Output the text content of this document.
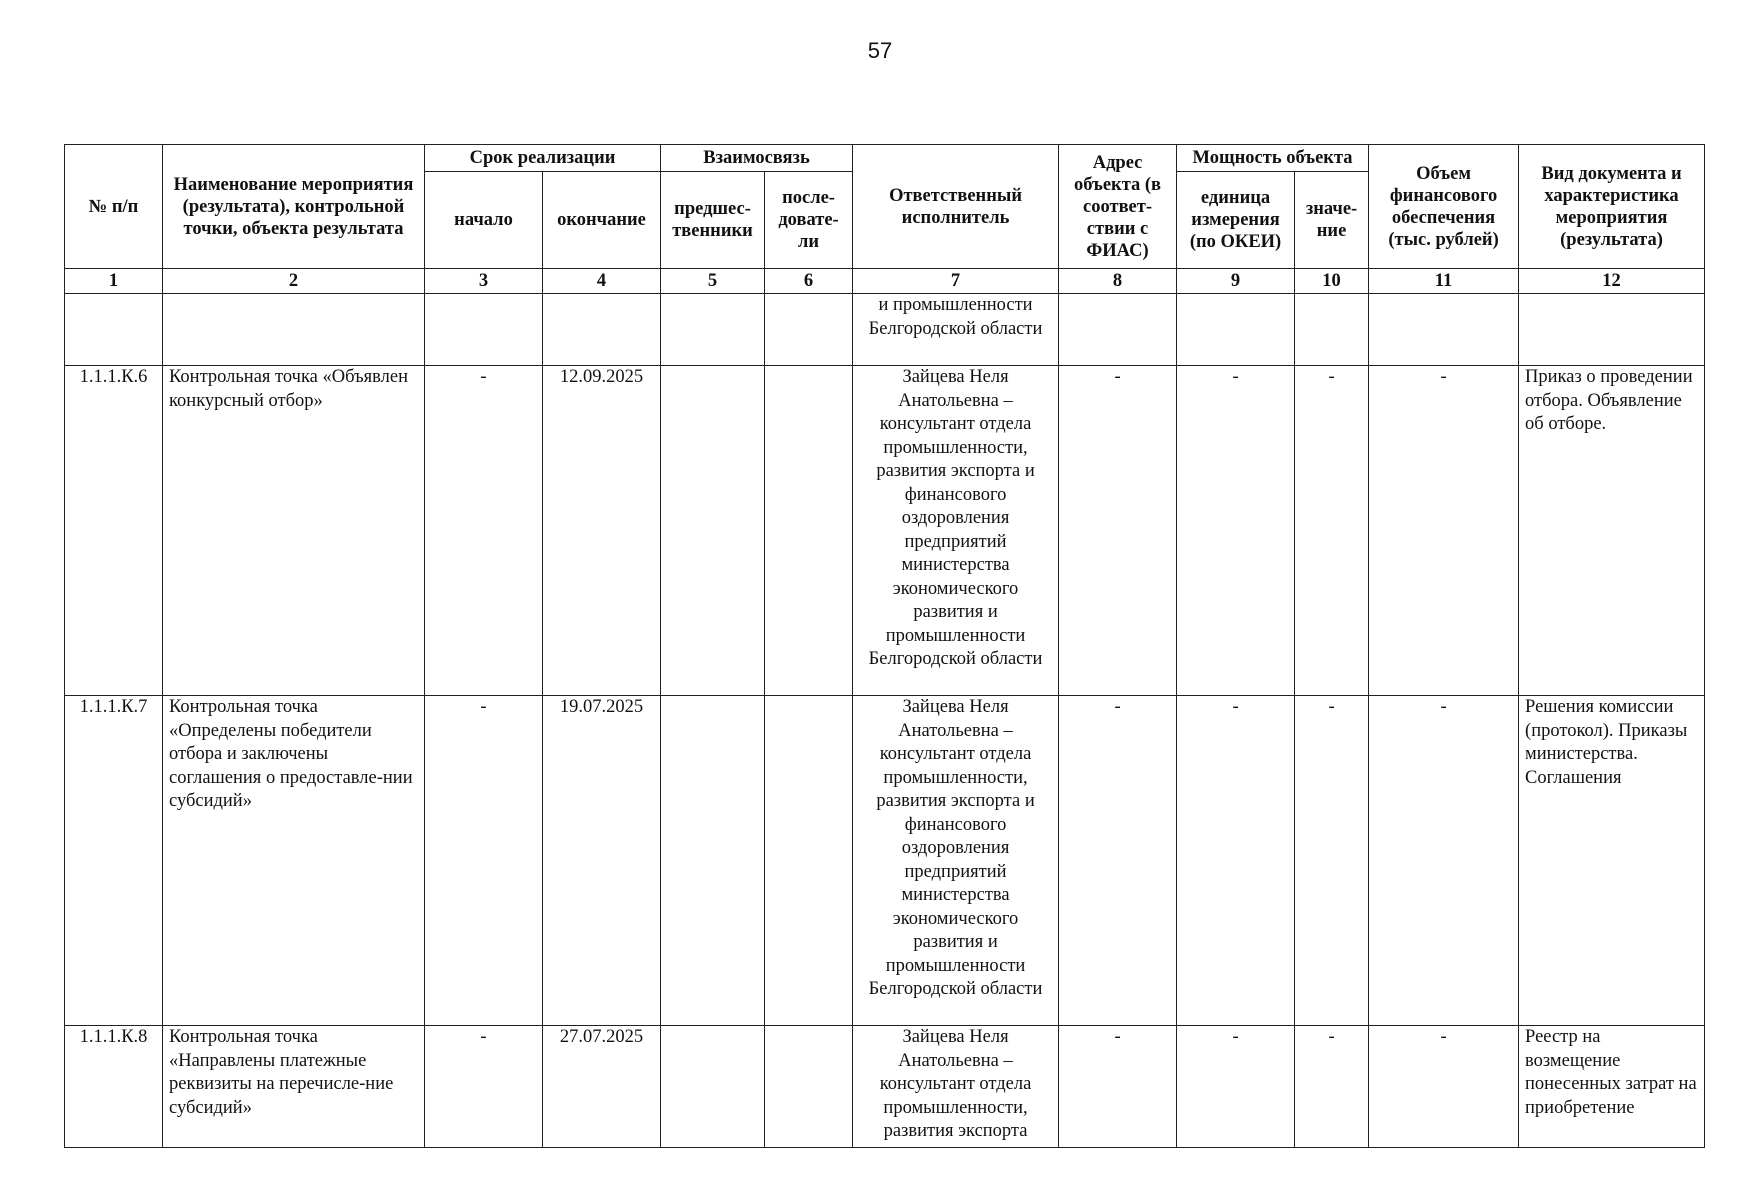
57
№ п/п	Наименование мероприятия (результата), контрольной точки, объекта результата	Срок реализации		Взаимосвязь		Ответственный исполнитель	Адрес объекта (в соответ-ствии с ФИАС)	Мощность объекта		Объем финансового обеспечения (тыс. рублей)	Вид документа и характеристика мероприятия (результата)
		начало	окончание	предшес-твенники	после-довате-ли			единица измерения (по ОКЕИ)	значе-ние		
1	2	3	4	5	6	7	8	9	10	11	12
						и промышленности Белгородской области					
1.1.1.К.6	Контрольная точка «Объявлен конкурсный отбор»	-	12.09.2025			Зайцева Неля Анатольевна – консультант отдела промышленности, развития экспорта и финансового оздоровления предприятий министерства экономического развития и промышленности Белгородской области	-	-	-	-	Приказ о проведении отбора. Объявление об отборе.
1.1.1.К.7	Контрольная точка «Определены победители отбора и заключены соглашения о предоставле-нии субсидий»	-	19.07.2025			Зайцева Неля Анатольевна – консультант отдела промышленности, развития экспорта и финансового оздоровления предприятий министерства экономического развития и промышленности Белгородской области	-	-	-	-	Решения комиссии (протокол). Приказы министерства. Соглашения
1.1.1.К.8	Контрольная точка «Направлены платежные реквизиты на перечисле-ние субсидий»	-	27.07.2025			Зайцева Неля Анатольевна – консультант отдела промышленности, развития экспорта	-	-	-	-	Реестр на возмещение понесенных затрат на приобретение
